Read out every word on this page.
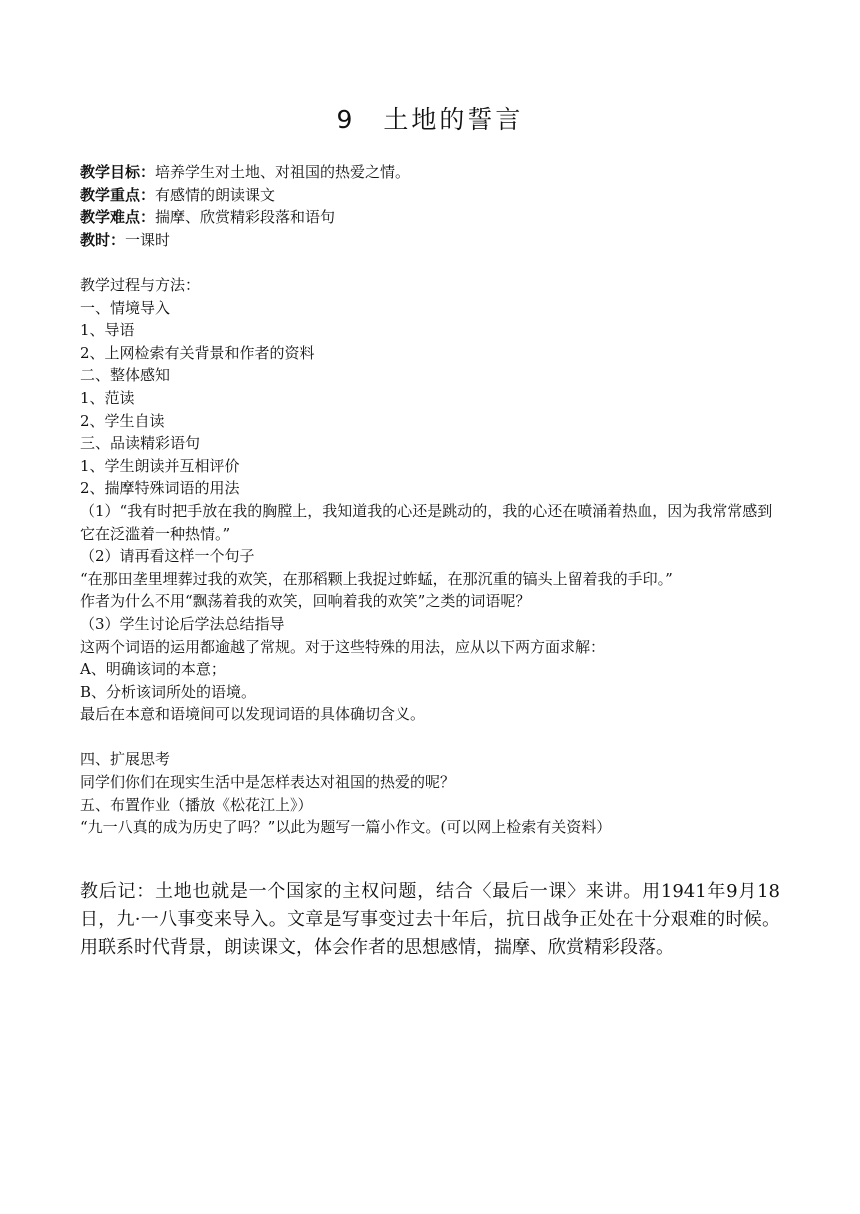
9　土地的誓言
教学目标：培养学生对土地、对祖国的热爱之情。
教学重点：有感情的朗读课文
教学难点：揣摩、欣赏精彩段落和语句
教时：一课时
教学过程与方法：
一、情境导入
1、导语
2、上网检索有关背景和作者的资料
二、整体感知
1、范读
2、学生自读
三、品读精彩语句
1、学生朗读并互相评价
2、揣摩特殊词语的用法
（1）“我有时把手放在我的胸膛上，我知道我的心还是跳动的，我的心还在喷涌着热血，因为我常常感到它在泛滥着一种热情。”
（2）请再看这样一个句子
“在那田垄里埋葬过我的欢笑，在那稻颗上我捉过蚱蜢，在那沉重的镐头上留着我的手印。”
作者为什么不用“飘荡着我的欢笑，回响着我的欢笑”之类的词语呢？
（3）学生讨论后学法总结指导
这两个词语的运用都逾越了常规。对于这些特殊的用法，应从以下两方面求解：
A、明确该词的本意；
B、分析该词所处的语境。
最后在本意和语境间可以发现词语的具体确切含义。
四、扩展思考
同学们你们在现实生活中是怎样表达对祖国的热爱的呢？
五、布置作业（播放《松花江上》）
“九一八真的成为历史了吗？”以此为题写一篇小作文。(可以网上检索有关资料）
教后记：土地也就是一个国家的主权问题，结合〈最后一课〉来讲。用1941年9月18日，九·一八事变来导入。文章是写事变过去十年后，抗日战争正处在十分艰难的时候。用联系时代背景，朗读课文，体会作者的思想感情，揣摩、欣赏精彩段落。
